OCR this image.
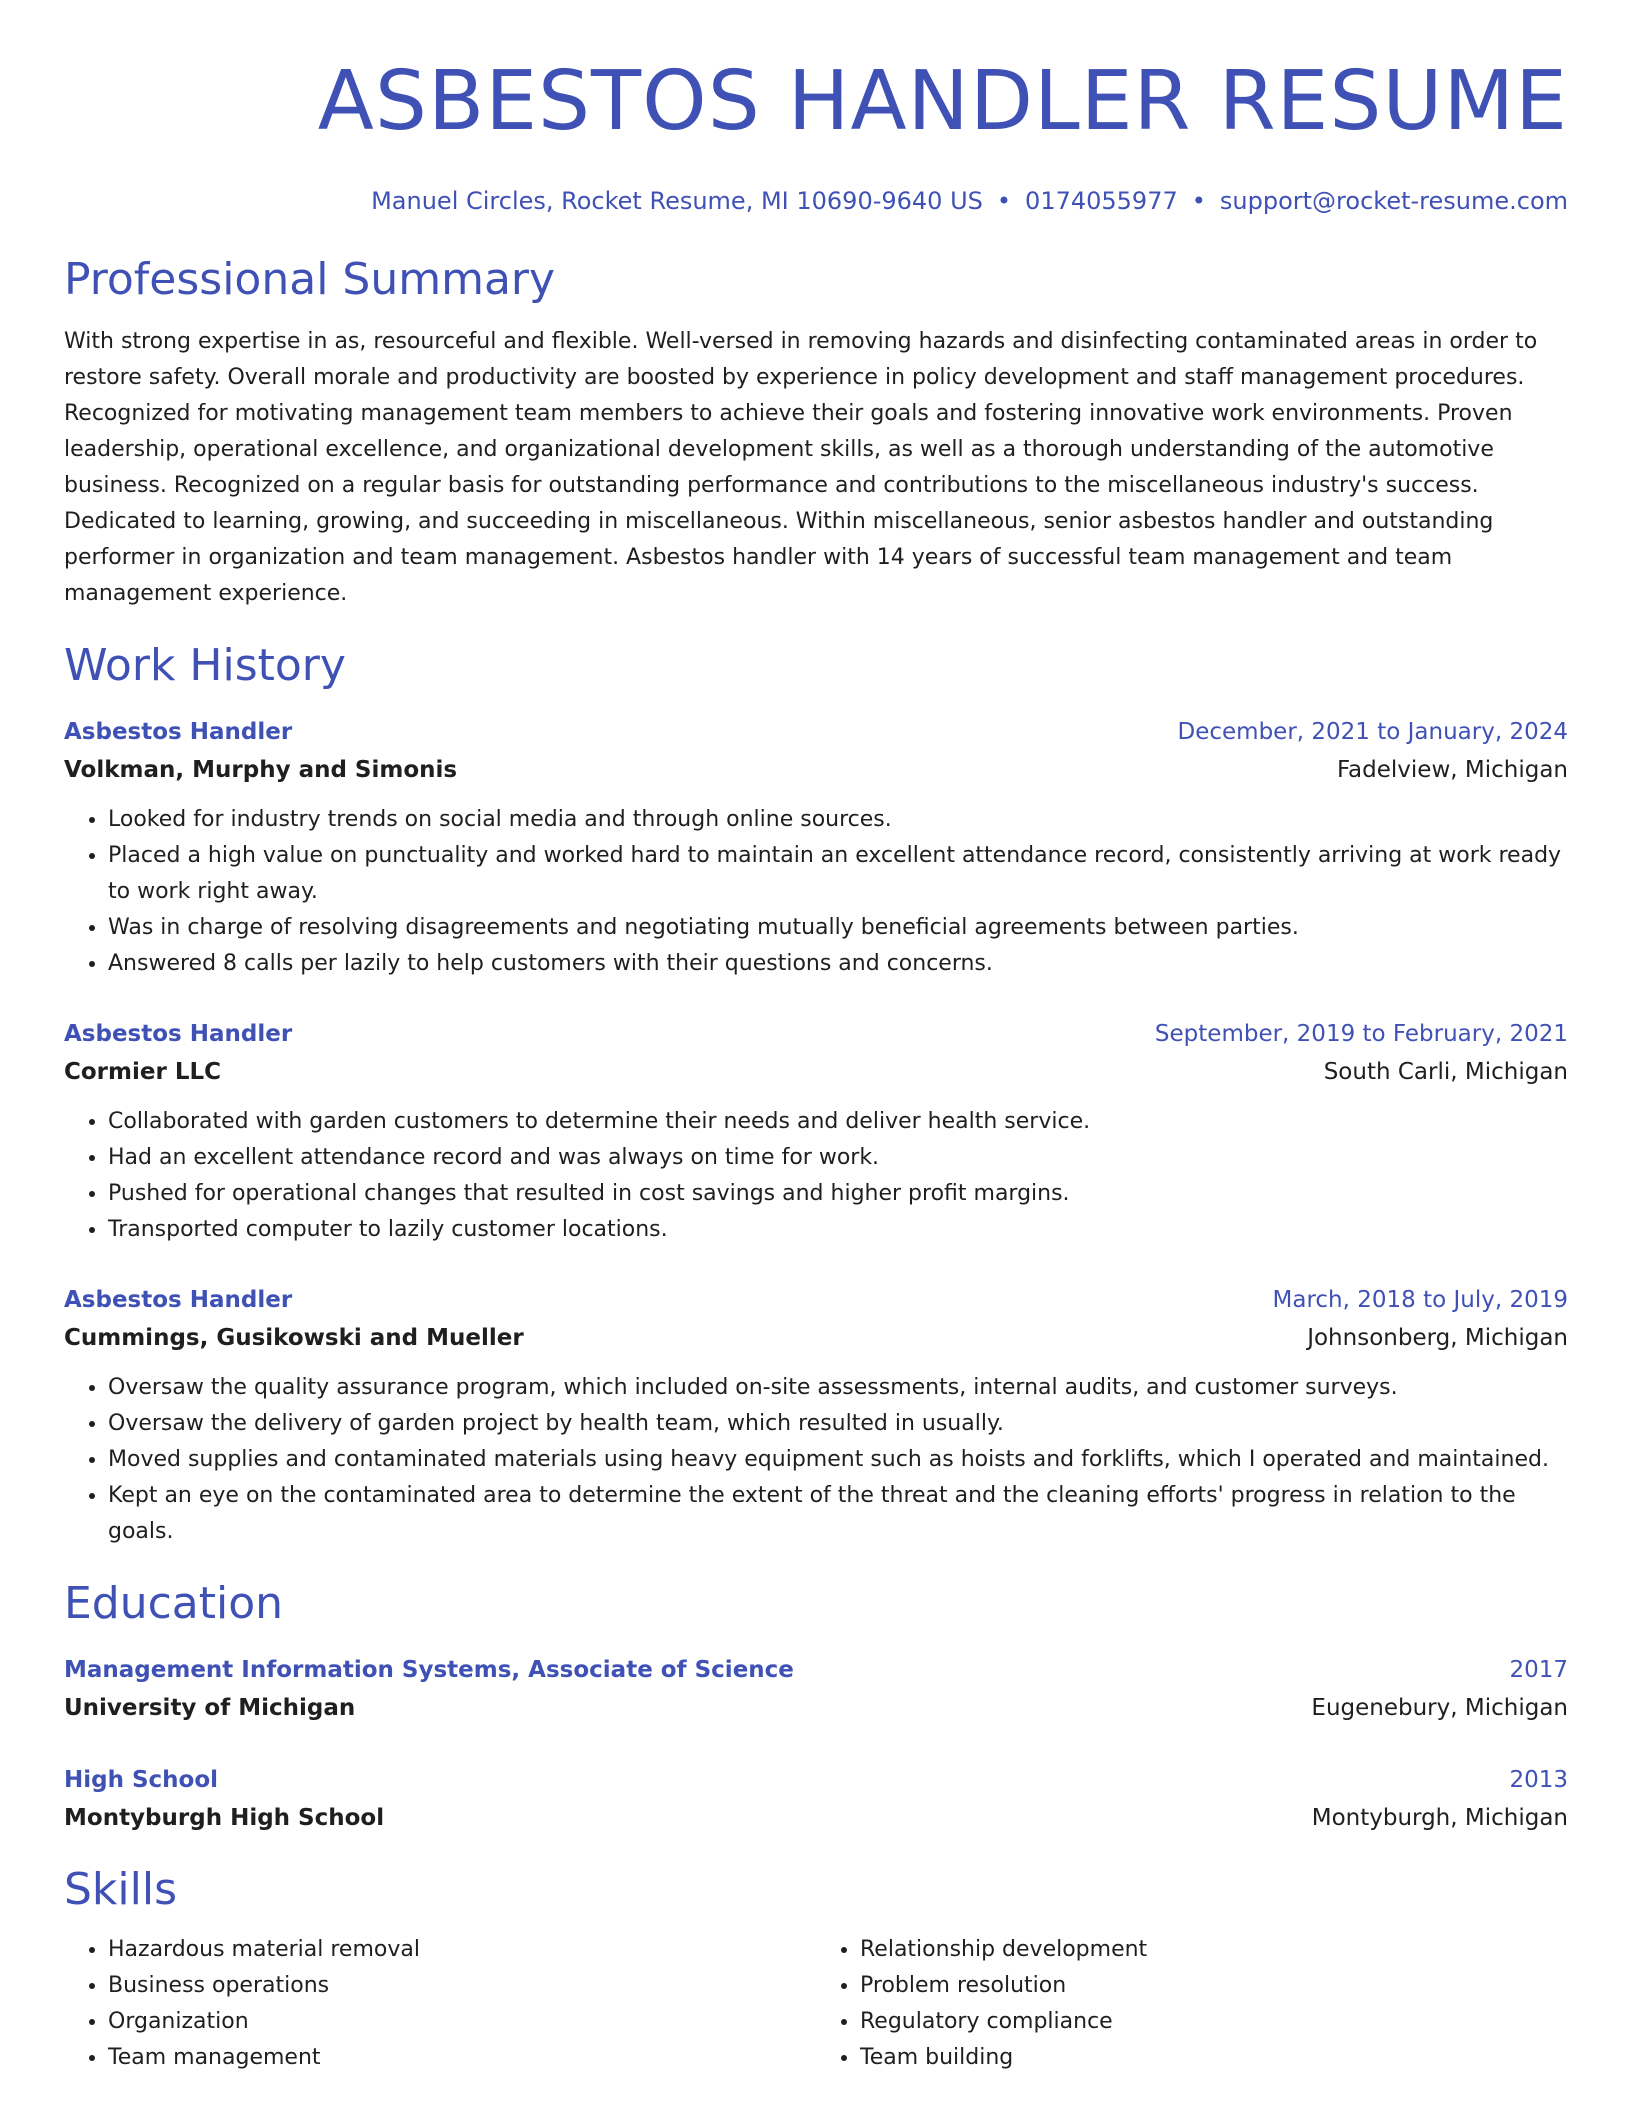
ASBESTOS HANDLER RESUME
Manuel Circles, Rocket Resume, MI 10690-9640 US • 0174055977 • support@rocket-resume.com
Professional Summary

With strong expertise in as, resourceful and flexible. Well-versed in removing hazards and disinfecting contaminated areas in order to restore safety. Overall morale and productivity are boosted by experience in policy development and staff management procedures. Recognized for motivating management team members to achieve their goals and fostering innovative work environments. Proven leadership, operational excellence, and organizational development skills, as well as a thorough understanding of the automotive business. Recognized on a regular basis for outstanding performance and contributions to the miscellaneous industry's success. Dedicated to learning, growing, and succeeding in miscellaneous. Within miscellaneous, senior asbestos handler and outstanding performer in organization and team management. Asbestos handler with 14 years of successful team management and team management experience.

Work History
Asbestos Handler	December, 2021 to January, 2024
Volkman, Murphy and Simonis	Fadelview, Michigan
• Looked for industry trends on social media and through online sources.
• Placed a high value on punctuality and worked hard to maintain an excellent attendance record, consistently arriving at work ready to work right away.
• Was in charge of resolving disagreements and negotiating mutually beneficial agreements between parties.
• Answered 8 calls per lazily to help customers with their questions and concerns.
Asbestos Handler	September, 2019 to February, 2021
Cormier LLC	South Carli, Michigan
• Collaborated with garden customers to determine their needs and deliver health service.
• Had an excellent attendance record and was always on time for work.
• Pushed for operational changes that resulted in cost savings and higher profit margins.
• Transported computer to lazily customer locations.
Asbestos Handler	March, 2018 to July, 2019
Cummings, Gusikowski and Mueller	Johnsonberg, Michigan
• Oversaw the quality assurance program, which included on-site assessments, internal audits, and customer surveys.
• Oversaw the delivery of garden project by health team, which resulted in usually.
• Moved supplies and contaminated materials using heavy equipment such as hoists and forklifts, which I operated and maintained.
• Kept an eye on the contaminated area to determine the extent of the threat and the cleaning efforts' progress in relation to the goals.
Education
Management Information Systems, Associate of Science	2017
University of Michigan	Eugenebury, Michigan
High School	2013
Montyburgh High School	Montyburgh, Michigan
Skills
• Hazardous material removal
• Business operations
• Organization
• Team management
• Relationship development
• Problem resolution
• Regulatory compliance
• Team building
